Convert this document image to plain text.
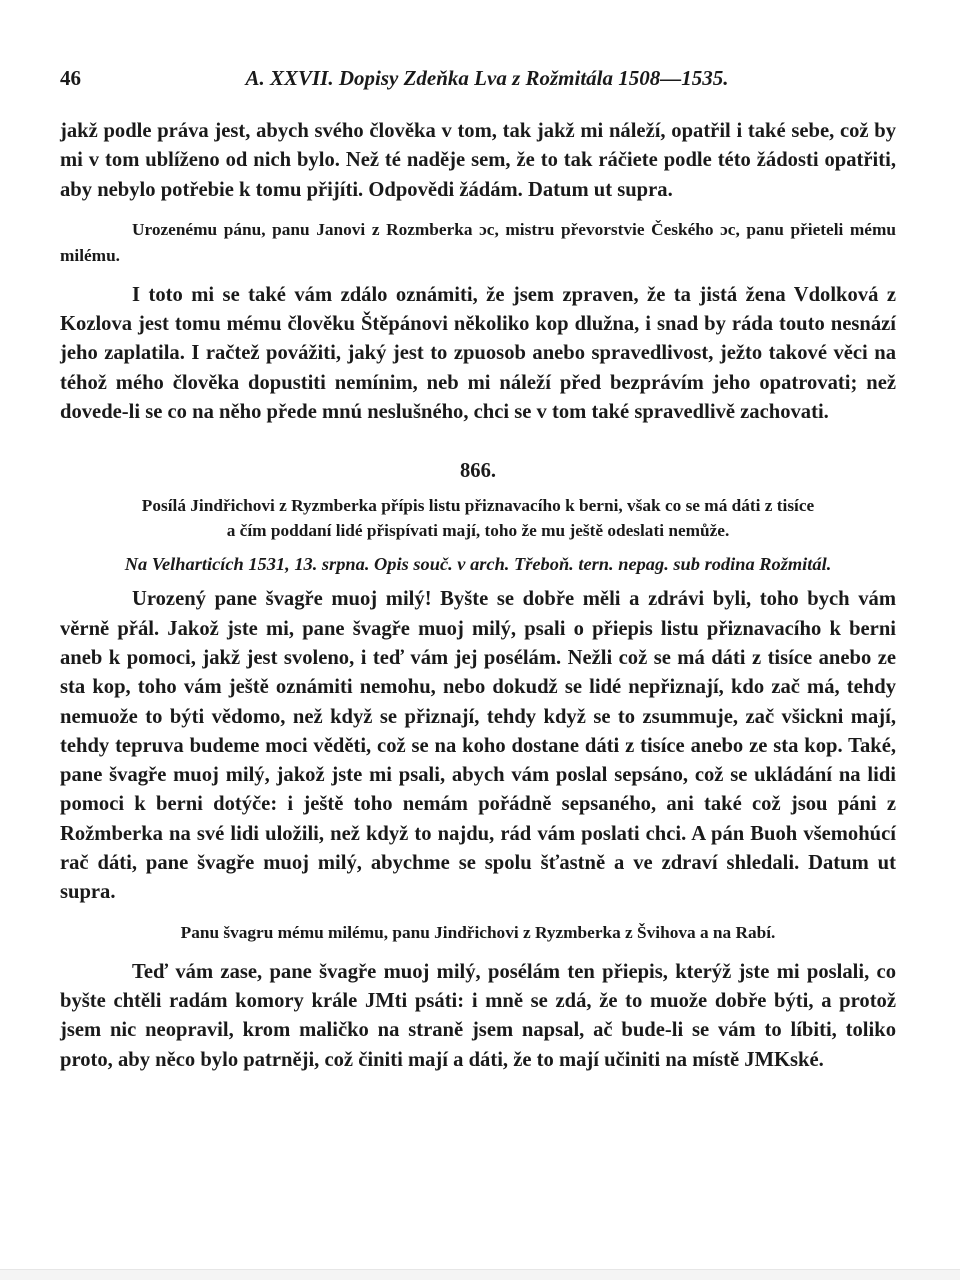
46	A. XXVII. Dopisy Zdeňka Lva z Rožmitála 1508—1535.

jakž podle práva jest, abych svého člověka v tom, tak jakž mi náleží, opatřil i také sebe, což by mi v tom ublíženo od nich bylo. Než té naděje sem, že to tak ráčiete podle této žádosti opatřiti, aby nebylo potřebie k tomu přijíti. Odpovědi žádám. Datum ut supra.

Urozenému pánu, panu Janovi z Rozmberka ɔc, mistru převorstvie Českého ɔc, panu přieteli mému milému.

I toto mi se také vám zdálo oznámiti, že jsem zpraven, že ta jistá žena Vdolková z Kozlova jest tomu mému člověku Štěpánovi několiko kop dlužna, i snad by ráda touto nesnází jeho zaplatila. I račtež povážiti, jaký jest to zpuosob anebo spravedlivost, ježto takové věci na téhož mého člověka dopustiti nemínim, neb mi náleží před bezprávím jeho opatrovati; než dovede-li se co na něho přede mnú neslušného, chci se v tom také spravedlivě zachovati.

866.

Posílá Jindřichovi z Ryzmberka přípis listu přiznavacího k berni, však co se má dáti z tisíce

a čím poddaní lidé přispívati mají, toho že mu ještě odeslati nemůže.

Na Velharticích 1531, 13. srpna. Opis souč. v arch. Třeboň. tern. nepag. sub rodina Rožmitál.

Urozený pane švagře muoj milý! Byšte se dobře měli a zdrávi byli, toho bych vám věrně přál. Jakož jste mi, pane švagře muoj milý, psali o přiepis listu přiznavacího k berni aneb k pomoci, jakž jest svoleno, i teď vám jej posélám. Nežli což se má dáti z tisíce anebo ze sta kop, toho vám ještě oznámiti nemohu, nebo dokudž se lidé nepřiznají, kdo zač má, tehdy nemuože to býti vědomo, než když se přiznají, tehdy když se to zsummuje, zač všickni mají, tehdy tepruva budeme moci věděti, což se na koho dostane dáti z tisíce anebo ze sta kop. Také, pane švagře muoj milý, jakož jste mi psali, abych vám poslal sepsáno, což se ukládání na lidi pomoci k berni dotýče: i ještě toho nemám pořádně sepsaného, ani také což jsou páni z Rožmberka na své lidi uložili, než když to najdu, rád vám poslati chci. A pán Buoh všemohúcí rač dáti, pane švagře muoj milý, abychme se spolu šťastně a ve zdraví shledali. Datum ut supra.

Panu švagru mému milému, panu Jindřichovi z Ryzmberka z Švihova a na Rabí.

Teď vám zase, pane švagře muoj milý, posélám ten přiepis, kterýž jste mi poslali, co byšte chtěli radám komory krále JMti psáti: i mně se zdá, že to muože dobře býti, a protož jsem nic neopravil, krom maličko na straně jsem napsal, ač bude-li se vám to líbiti, toliko proto, aby něco bylo patrněji, což činiti mají a dáti, že to mají učiniti na místě JMKské.
